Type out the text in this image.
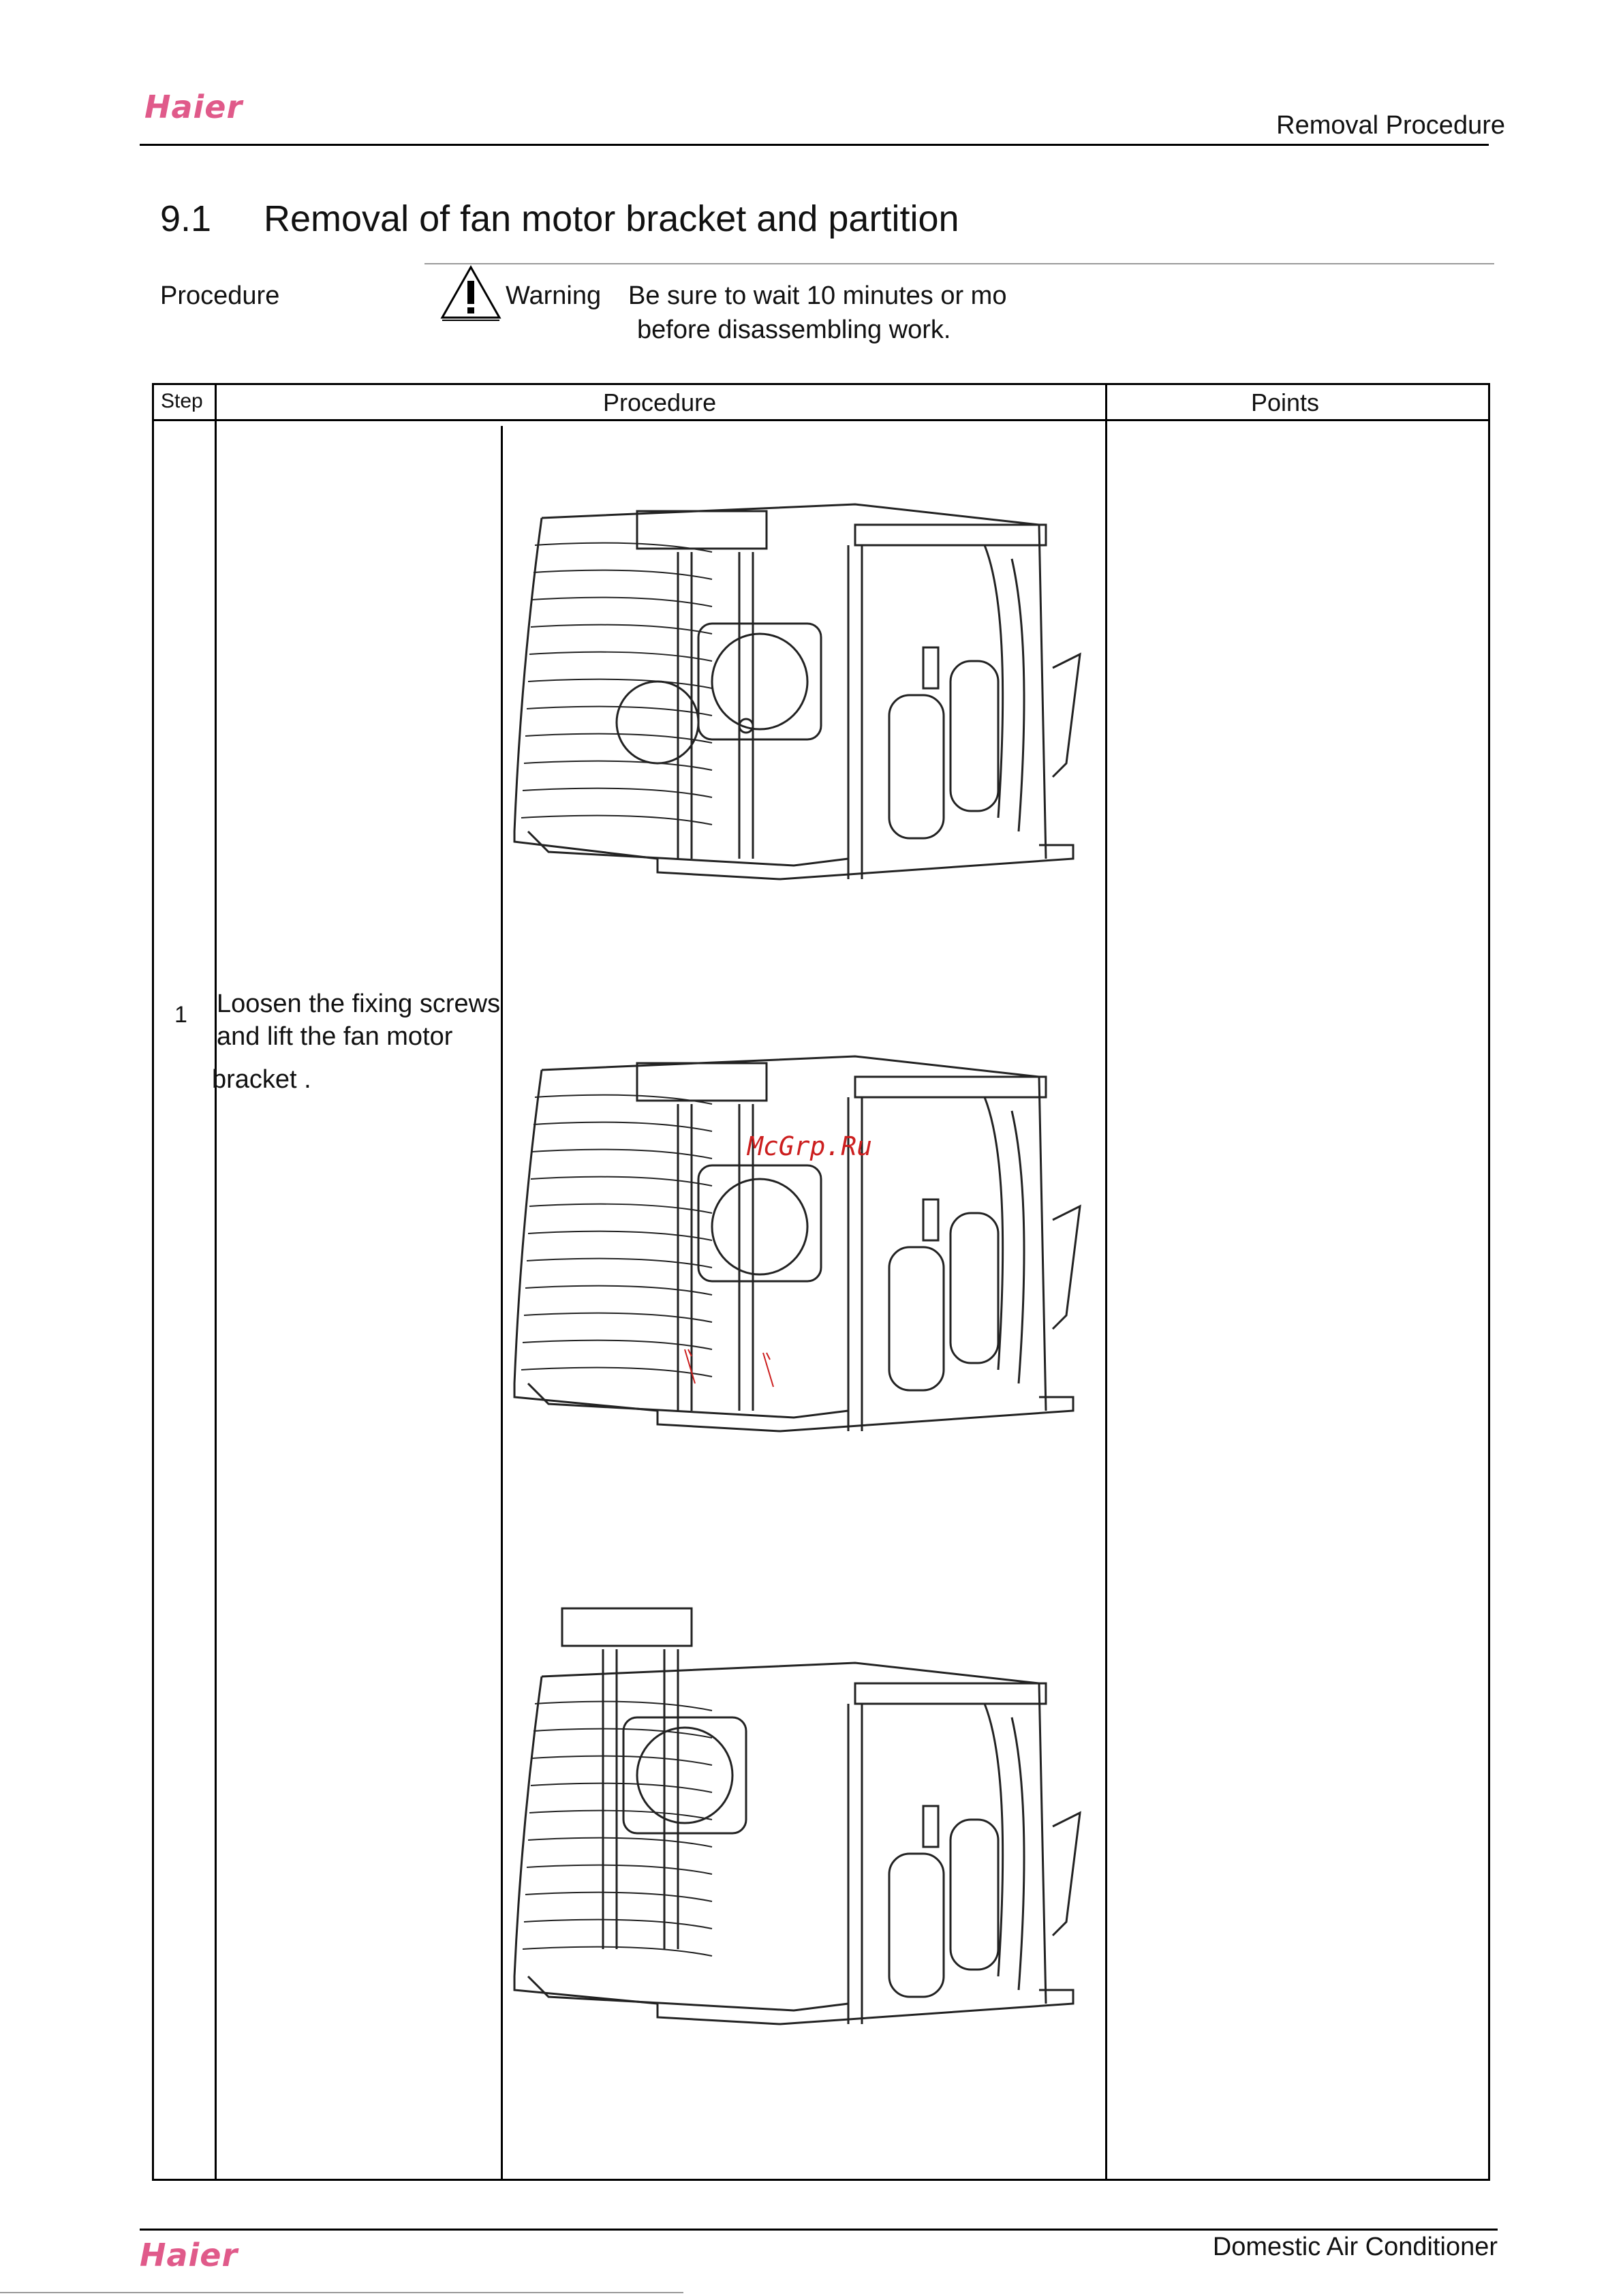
Haier	Removal Procedure
9.1 Removal of fan motor bracket and partition
Procedure	Warning Be sure to wait 10 minutes or mo
before disassembling work.
Step	Procedure	Points
1 Loosen the fixing screws
and lift the fan motor
bracket .
McGrp.Ru
Haier	Domestic Air Conditioner
